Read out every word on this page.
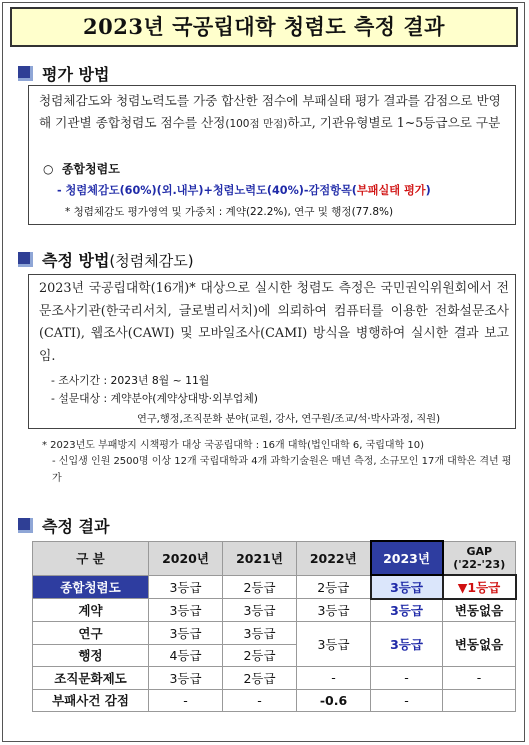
2023년 국공립대학 청렴도 측정 결과
평가 방법
청렴체감도와 청렴노력도를 가중 합산한 점수에 부패실태 평가 결과를 감점으로 반영해 기관별 종합청렴도 점수를 산정(100점 만점)하고, 기관유형별로 1~5등급으로 구분
○ 종합청렴도
- 청렴체감도(60%)(외.내부)+청렴노력도(40%)-감점항목(부패실태 평가)
* 청렴체감도 평가영역 및 가중치 : 계약(22.2%), 연구 및 행정(77.8%)
측정 방법(청렴체감도)
2023년 국공립대학(16개)* 대상으로 실시한 청렴도 측정은 국민권익위원회에서 전문조사기관(한국리서치, 글로벌리서치)에 의뢰하여 컴퓨터를 이용한 전화설문조사(CATI), 웹조사(CAWI) 및 모바일조사(CAMI) 방식을 병행하여 실시한 결과 보고임.
- 조사기간 : 2023년 8월 ~ 11월
- 설문대상 : 계약분야(계약상대방·외부업체)
연구,행정,조직문화 분야(교원, 강사, 연구원/조교/석·박사과정, 직원)
* 2023년도 부패방지 시책평가 대상 국공립대학 : 16개 대학(법인대학 6, 국립대학 10)
- 신입생 인원 2500명 이상 12개 국립대학과 4개 과학기술원은 매년 측정, 소규모인 17개 대학은 격년 평가
측정 결과
구 분	2020년	2021년	2022년	2023년	GAP
('22-'23)
종합청렴도	3등급	2등급	2등급	3등급	▼1등급
계약	3등급	3등급	3등급	3등급	변동없음
연구	3등급	3등급	3등급	3등급	변동없음
행정	4등급	2등급			
조직문화제도	3등급	2등급	-	-	-
부패사건 감점	-	-	-0.6	-	
